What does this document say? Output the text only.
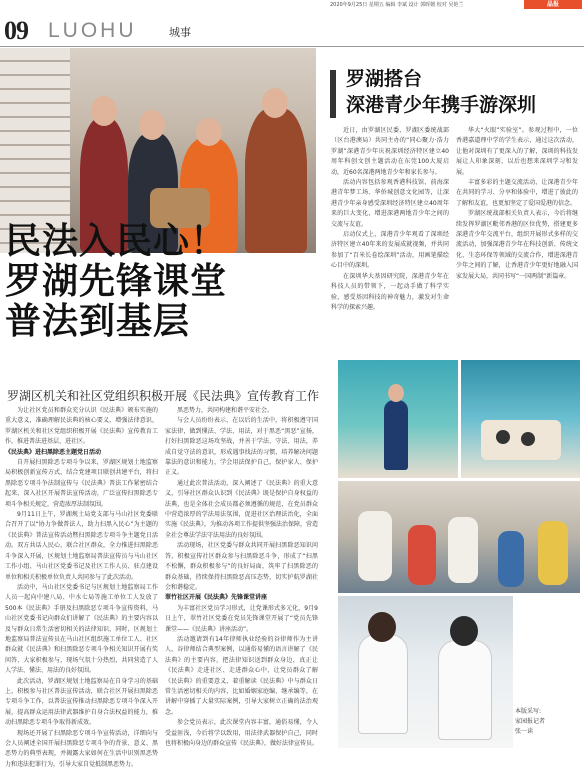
09 LUOHU	城事
2020年9月25日 星期五 编辑 李斌 设计 郭晖嬗 校对 吴艳兰	晶报
民法入民心！
罗湖先锋课堂
普法到基层
罗湖区机关和社区党组织积极开展《民法典》宣传教育工作

为让社区党员和群众充分认识《民法典》颁布实施的重大意义，准确理解民法典的核心要义，增强法律意识，罗湖区机关和社区党组织积极开展《民法典》宣传教育工作，推进普法进基层、进社区。

《民法典》进扫黑除恶主题党日活动

自开展扫黑除恶专项斗争以来，罗湖区规划土地监察局积极创新宣传方式，结合党建项目联创共建平台，将扫黑除恶专项斗争法制宣传与《民法典》普法工作紧密结合起来，深入社区开展普法宣传活动，广泛宣传扫黑除恶专项斗争相关规定，营造浓厚法制氛围。

9月11日上午，罗湖规土局党支部与马山社区党委联合召开了以“协力争做普法人，助力扫黑入民心”为主题的《民法典》普法宣传活动暨扫黑除恶专项斗争主题党日活动。双方共话人民心，联合社区群众，全力推进扫黑除恶斗争深入开展，区规划土地监察局普法宣传员与马山社区工作小组、马山社区党委书记及社区工作人员、驻点建设单位和相关积极单位负责人共同参与了此次活动。

活动中，马山社区党委书记与区规划土地监察局工作人员一起向中建八局、中水七局等施工单位工人发放了500本《民法典》手册及扫黑除恶专项斗争宣传资料，马山社区党委书记向群众们讲解了《民法典》的主要内容以及与群众日常生活密切相关的法律知识，同时，区规划土地监察局普法宣传员在马山社区组织施工单位工人、社区群众就《民法典》和扫黑除恶专项斗争相关知识开展有奖问答，大家积极参与，现场气氛十分热烈，共同营造了人人学法、懂法、用法的良好氛围。

此次活动，罗湖区规划土地监察局在自身学习的基础上，积极参与社区普法宣传活动，联合社区开展扫黑除恶专项斗争工作，以普法宣传推动扫黑除恶专项斗争深入开展，提高群众运用法律武器维护自身合法权益的能力，推动扫黑除恶专项斗争取得新成效。

现场还开展了扫黑除恶专项斗争宣传活动，详细向与会人员阐述全国开展扫黑除恶专项斗争的背景、意义、黑恶势力的典型表现，并揭露大家如何在生活中识别黑恶势力和违法犯罪行为，引导大家自觉抵制黑恶势力。

黑恶势力，共同构建和谐平安社会。

与会人员纷纷表示，在以后的生活中，将积极遵守国家法律，做到懂法、学法、用法，对于黑恶“黑恶”宣扬，打好扫黑除恶这场攻坚战，并善于学法、守法、用法，养成自觉守法的意识，形成遇事找法的习惯，培养解决问题靠法的意识和能力，学会用法保护自己，保护家人、保护正义。

通过此次普法活动，深入阐述了《民法典》的重大意义，引导社区群众认识到《民法典》既是保护自身权益的法典，也是全体社会成员都必须遵循的规范，在党员群众中营造浓厚的学法用法氛围，促进社区治理法治化，全面实施《民法典》，为推动各项工作提供坚强法治保障，营造全社会尊法学法守法用法的良好氛围。

活动现场，社区党委与群众共同开展扫黑除恶知识问答，积极宣传社区群众参与扫黑除恶斗争，形成了“扫黑不松懈，群众积极参与”的良好局面，筑牢了扫黑除恶的群众基础，持续保持扫黑除恶高压态势，切实护航罗湖社会和谐稳定。

翠竹社区开展《民法典》先锋课堂讲座

为丰富社区党员学习形式，让党课形式多元化，9月9日上午，翠竹社区党委在党员先锋课堂开展了“党员先锋课堂——《民法典》讲座活动”。

活动邀请到有14年律师执业经验的谷律师作为主讲人，谷律师结合典型案例，以通俗易懂的语言讲解了《民法典》的主要内容，把法律知识送到群众身边，真正让《民法典》走进社区、走进群众心中，让党员群众了解《民法典》的重要意义，着重解读《民法典》中与群众日常生活密切相关的内容，比如婚姻家庭编、继承编等，在讲解中穿插了大量实际案例，引导大家树立正确的法治观念。

参会党员表示，此次课堂内容丰富，通俗易懂，令人受益匪浅，今后将学以致用，用法律武器保护自己，同时也将积极向身边的群众宣传《民法典》，做好法律宣传员。

罗湖搭台
深港青少年携手游深圳

近日，由罗湖区民委、罗湖区委统战部（区台港澳局）共同主办的“同心聚力·浩力罗湖”深港青少年庆祝深圳经济特区建立40周年科创文创主题活动在东莞100大厦启动，近60名深港两地青少年和家长参与。

活动内容包括参观香港科技馆、前海深港青年梦工场、华侨城创意文化园等，让深港青少年亲身感受深圳经济特区建立40周年来的巨大变化，增进深港两地青少年之间的交流与友谊。

启动仪式上，深港青少年观看了深圳经济特区建立40年来的发展成就视频，并共同参加了“百米长卷绘深圳”活动，用画笔描绘心目中的深圳。

在深圳华大基因研究院，深港青少年在科技人员的带领下，一起动手做了科学实验，感受基因科技的神奇魅力，激发对生命科学的探索兴趣。

华大“火眼”实验室”。参观过程中，一位香港嘉道理中学的学生表示，通过这次活动，让他对深圳有了更深入的了解，深圳的科技发展让人印象深刻，以后也想来深圳学习和发展。

丰富多彩的主题交流活动，让深港青少年在共同的学习、分享和体验中，增进了彼此的了解和友谊，也更加坚定了爱国爱港的信念。

罗湖区统战部相关负责人表示，今后将继续发挥罗湖区毗邻香港的区位优势，搭建更多深港青少年交流平台，组织开展形式多样的交流活动，加强深港青少年在科技创新、传统文化、生态环保等领域的交流合作，增进深港青少年之间的了解，让香港青少年更好地融入国家发展大局，共同书写“一国两制”新篇章。

本版采写:
家园报记者
张一读
